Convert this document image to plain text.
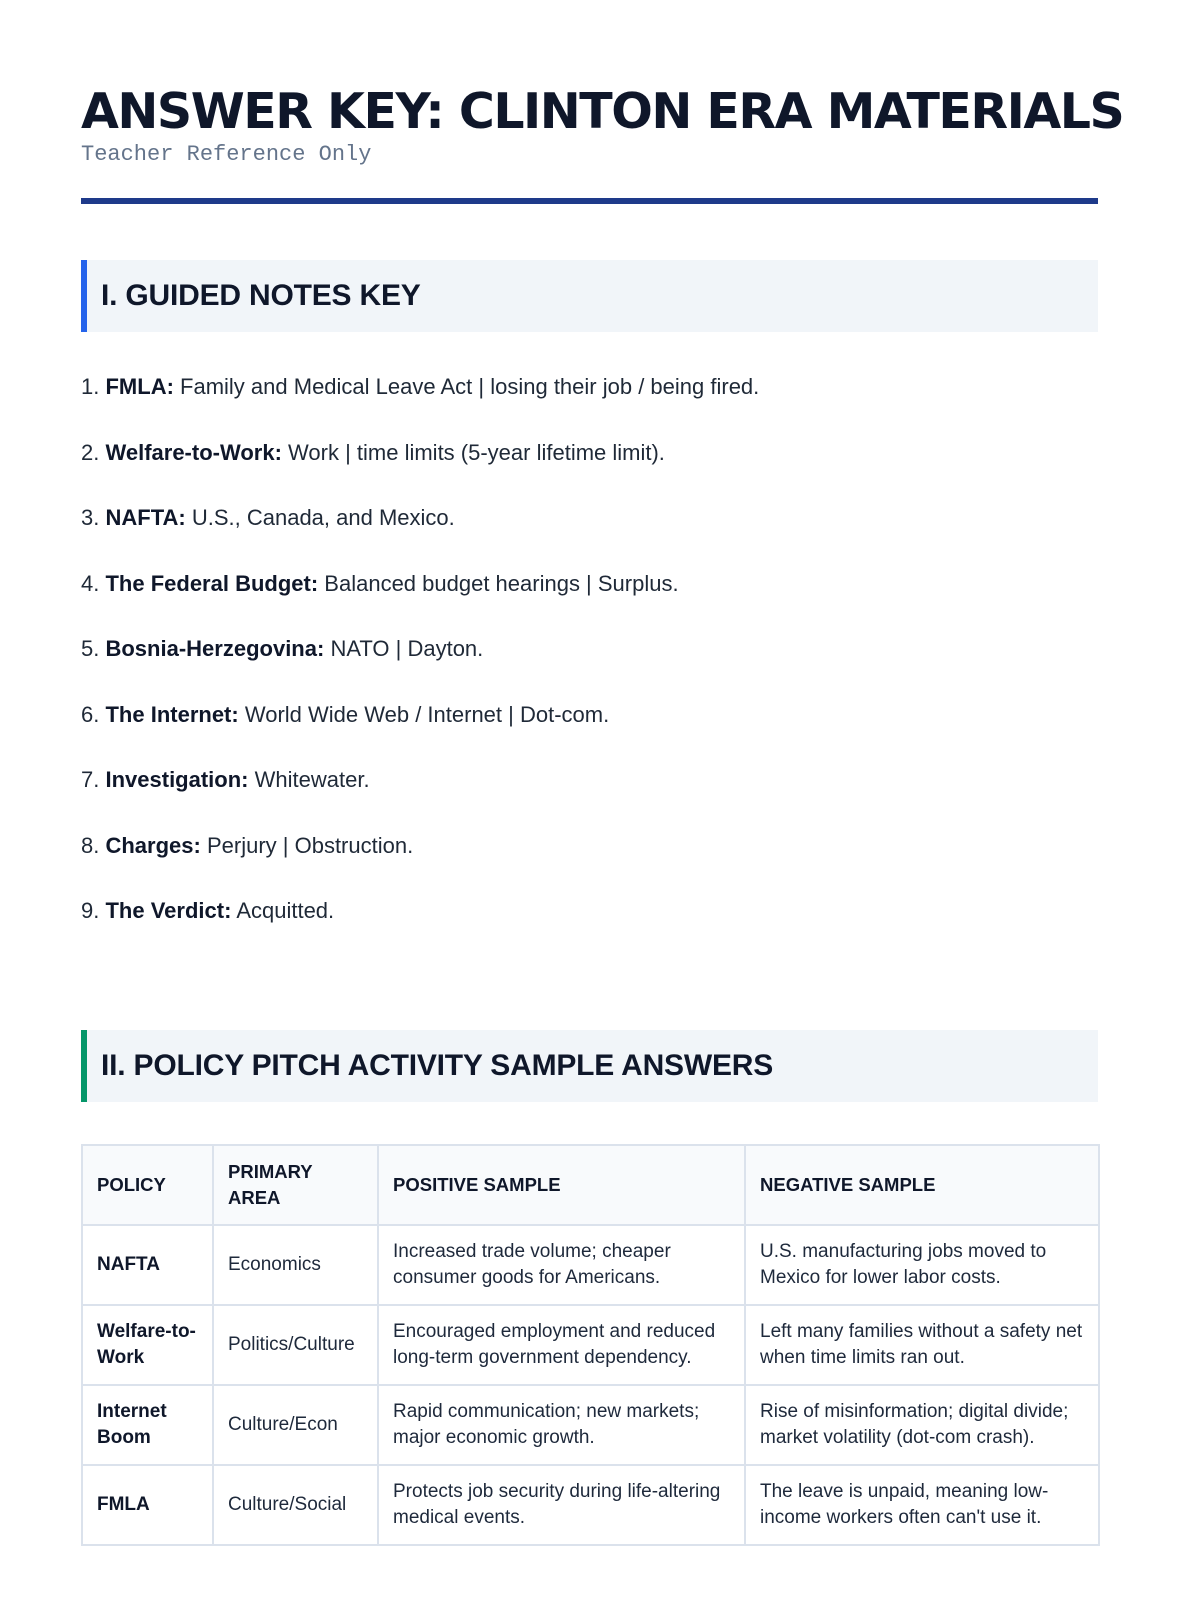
ANSWER KEY: CLINTON ERA MATERIALS
Teacher Reference Only
I. GUIDED NOTES KEY
1. FMLA: Family and Medical Leave Act | losing their job / being fired.
2. Welfare-to-Work: Work | time limits (5-year lifetime limit).
3. NAFTA: U.S., Canada, and Mexico.
4. The Federal Budget: Balanced budget hearings | Surplus.
5. Bosnia-Herzegovina: NATO | Dayton.
6. The Internet: World Wide Web / Internet | Dot-com.
7. Investigation: Whitewater.
8. Charges: Perjury | Obstruction.
9. The Verdict: Acquitted.
II. POLICY PITCH ACTIVITY SAMPLE ANSWERS
POLICY	PRIMARY AREA	POSITIVE SAMPLE	NEGATIVE SAMPLE
NAFTA	Economics	Increased trade volume; cheaper consumer goods for Americans.	U.S. manufacturing jobs moved to Mexico for lower labor costs.
Welfare-to-Work	Politics/Culture	Encouraged employment and reduced long-term government dependency.	Left many families without a safety net when time limits ran out.
Internet Boom	Culture/Econ	Rapid communication; new markets; major economic growth.	Rise of misinformation; digital divide; market volatility (dot-com crash).
FMLA	Culture/Social	Protects job security during life-altering medical events.	The leave is unpaid, meaning low-income workers often can't use it.
